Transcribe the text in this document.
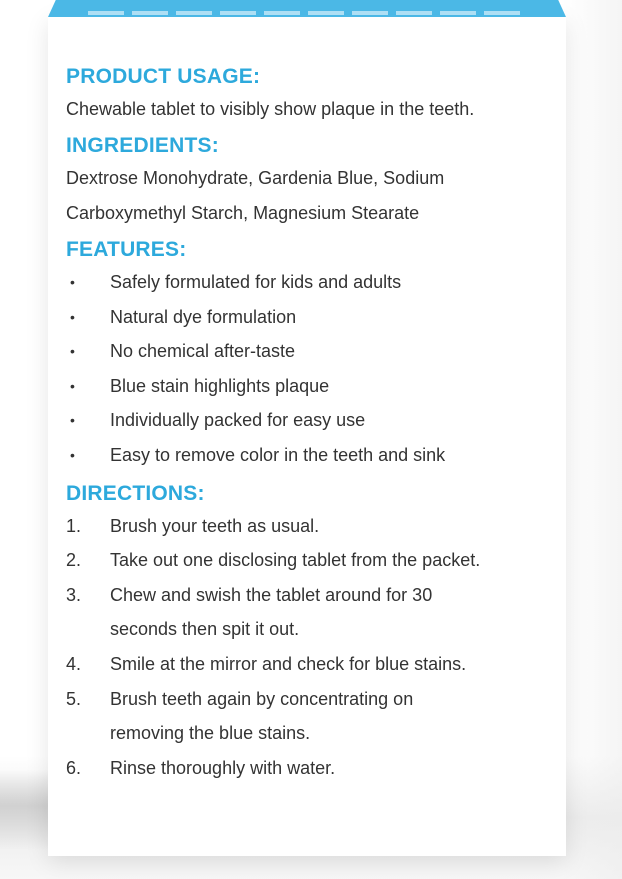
PRODUCT USAGE:

Chewable tablet to visibly show plaque in the teeth.

INGREDIENTS:

Dextrose Monohydrate, Gardenia Blue, Sodium

Carboxymethyl Starch, Magnesium Stearate

FEATURES:
•	Safely formulated for kids and adults
•	Natural dye formulation
•	No chemical after-taste
•	Blue stain highlights plaque
•	Individually packed for easy use
•	Easy to remove color in the teeth and sink
DIRECTIONS:
1. Brush your teeth as usual.
2. Take out one disclosing tablet from the packet.
3. Chew and swish the tablet around for 30
seconds then spit it out.
4. Smile at the mirror and check for blue stains.
5. Brush teeth again by concentrating on
removing the blue stains.
6. Rinse thoroughly with water.
